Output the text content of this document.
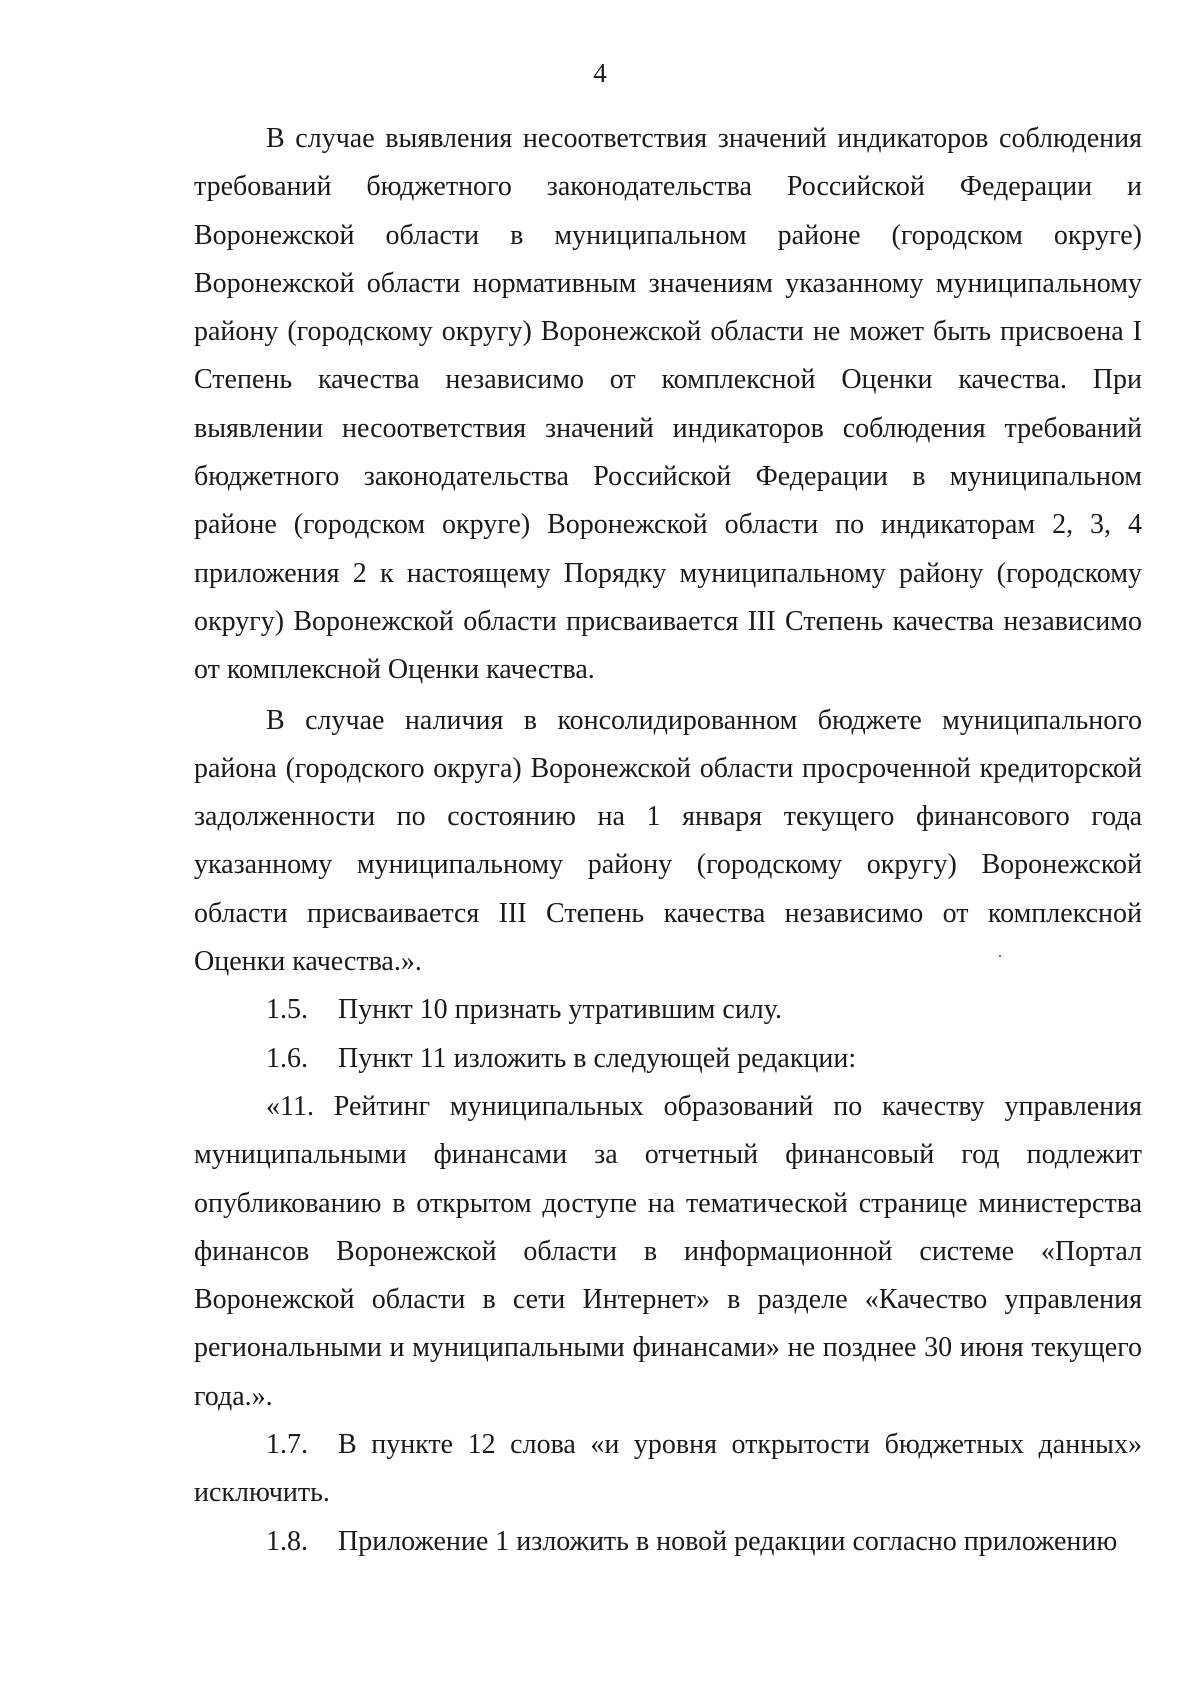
4

В случае выявления несоответствия значений индикаторов соблюдения требований бюджетного законодательства Российской Федерации и Воронежской области в муниципальном районе (городском округе) Воронежской области нормативным значениям указанному муниципальному району (городскому округу) Воронежской области не может быть присвоена I Степень качества независимо от комплексной Оценки качества. При выявлении несоответствия значений индикаторов соблюдения требований бюджетного законодательства Российской Федерации в муниципальном районе (городском округе) Воронежской области по индикаторам 2, 3, 4 приложения 2 к настоящему Порядку муниципальному району (городскому округу) Воронежской области присваивается III Степень качества независимо от комплексной Оценки качества.

В случае наличия в консолидированном бюджете муниципального района (городского округа) Воронежской области просроченной кредиторской задолженности по состоянию на 1 января текущего финансового года указанному муниципальному району (городскому округу) Воронежской области присваивается III Степень качества независимо от комплексной Оценки качества.».

1.5. Пункт 10 признать утратившим силу.

1.6. Пункт 11 изложить в следующей редакции:

«11. Рейтинг муниципальных образований по качеству управления муниципальными финансами за отчетный финансовый год подлежит опубликованию в открытом доступе на тематической странице министерства финансов Воронежской области в информационной системе «Портал Воронежской области в сети Интернет» в разделе «Качество управления региональными и муниципальными финансами» не позднее 30 июня текущего года.».

1.7. В пункте 12 слова «и уровня открытости бюджетных данных» исключить.

1.8. Приложение 1 изложить в новой редакции согласно приложению
